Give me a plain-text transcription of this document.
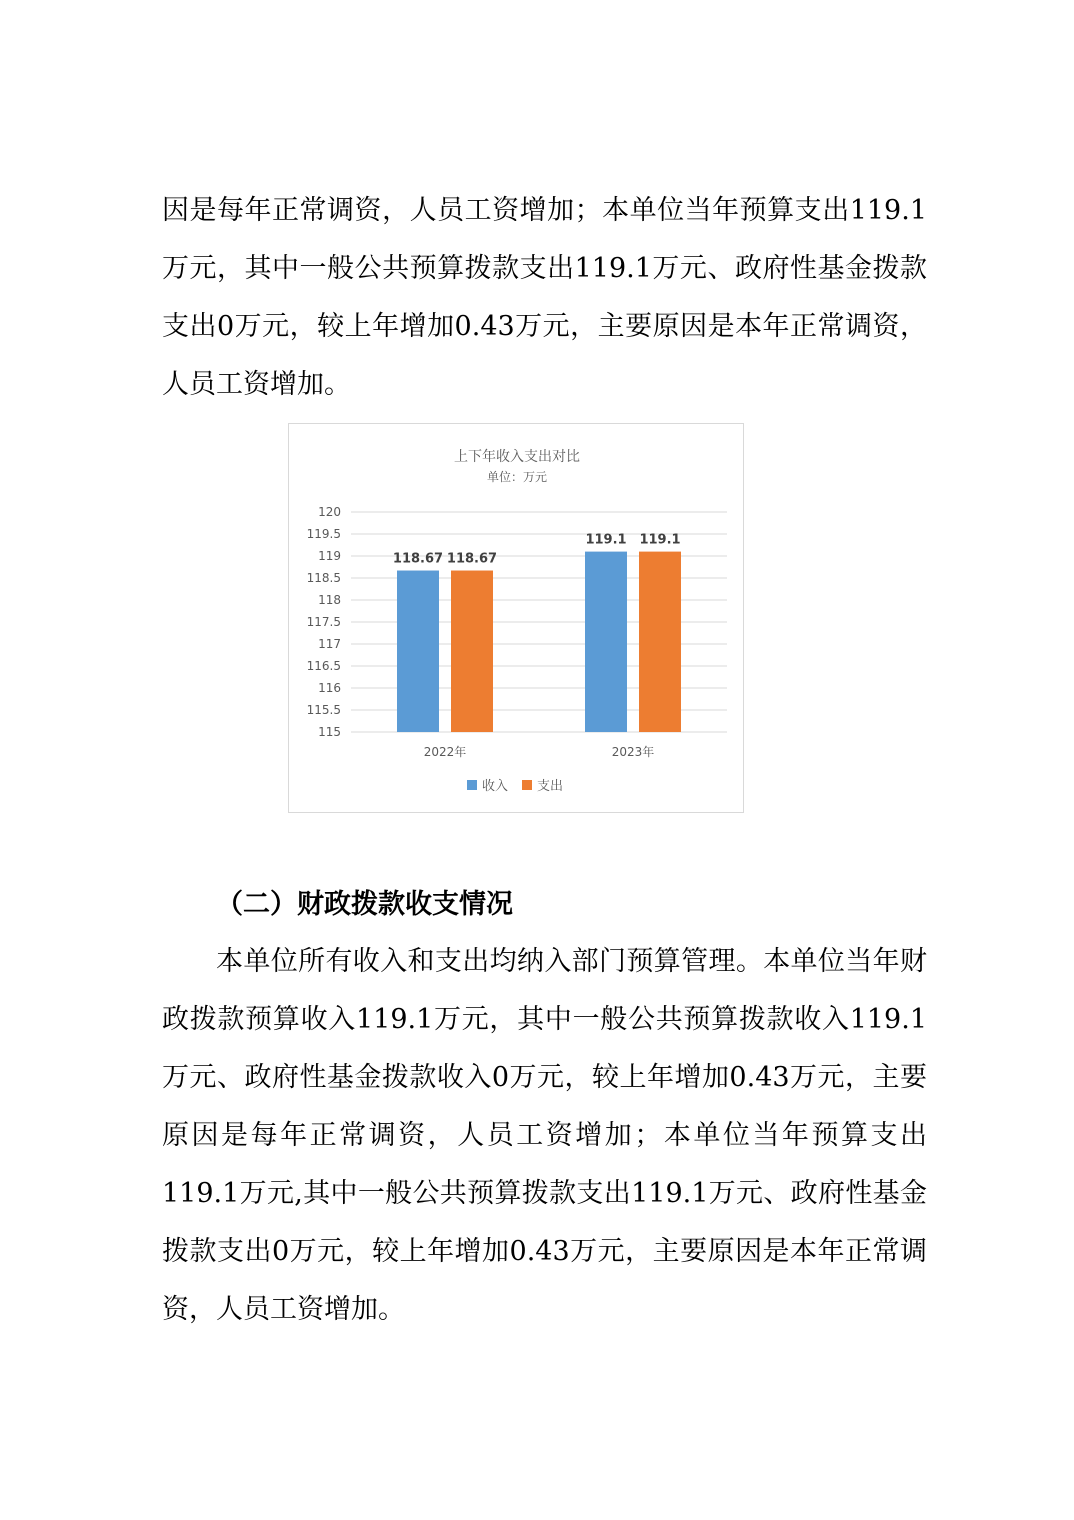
因是每年正常调资，人员工资增加；本单位当年预算支出119.1万元，其中一般公共预算拨款支出119.1万元、政府性基金拨款支出0万元，较上年增加0.43万元，主要原因是本年正常调资，人员工资增加。

上下年收入支出对比
单位：万元
115
115.5
116
116.5
117
117.5
118
118.5
119
119.5
120
118.67 118.67
119.1 119.1
2022年	2023年
收入 支出

（二）财政拨款收支情况

本单位所有收入和支出均纳入部门预算管理。本单位当年财政拨款预算收入119.1万元，其中一般公共预算拨款收入119.1万元、政府性基金拨款收入0万元，较上年增加0.43万元，主要原因是每年正常调资，人员工资增加；本单位当年预算支出119.1万元,其中一般公共预算拨款支出119.1万元、政府性基金拨款支出0万元，较上年增加0.43万元，主要原因是本年正常调资，人员工资增加。
